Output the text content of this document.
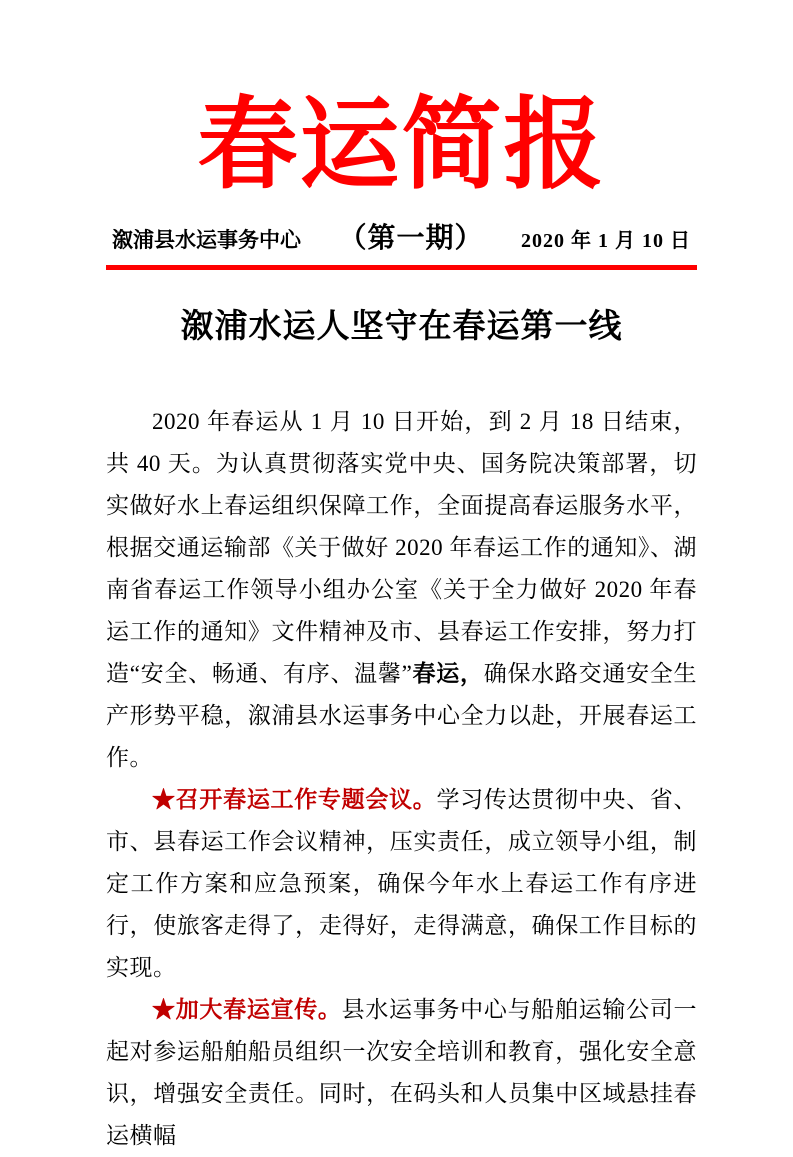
春运简报
溆浦县水运事务中心 （第一期） 2020 年 1 月 10 日
溆浦水运人坚守在春运第一线

2020 年春运从 1 月 10 日开始，到 2 月 18 日结束，共 40 天。为认真贯彻落实党中央、国务院决策部署，切实做好水上春运组织保障工作，全面提高春运服务水平，根据交通运输部《关于做好 2020 年春运工作的通知》、湖南省春运工作领导小组办公室《关于全力做好 2020 年春运工作的通知》文件精神及市、县春运工作安排，努力打造“安全、畅通、有序、温馨”春运，确保水路交通安全生产形势平稳，溆浦县水运事务中心全力以赴，开展春运工作。

★召开春运工作专题会议。学习传达贯彻中央、省、市、县春运工作会议精神，压实责任，成立领导小组，制定工作方案和应急预案，确保今年水上春运工作有序进行，使旅客走得了，走得好，走得满意，确保工作目标的实现。

★加大春运宣传。县水运事务中心与船舶运输公司一起对参运船舶船员组织一次安全培训和教育，强化安全意识，增强安全责任。同时，在码头和人员集中区域悬挂春运横幅
